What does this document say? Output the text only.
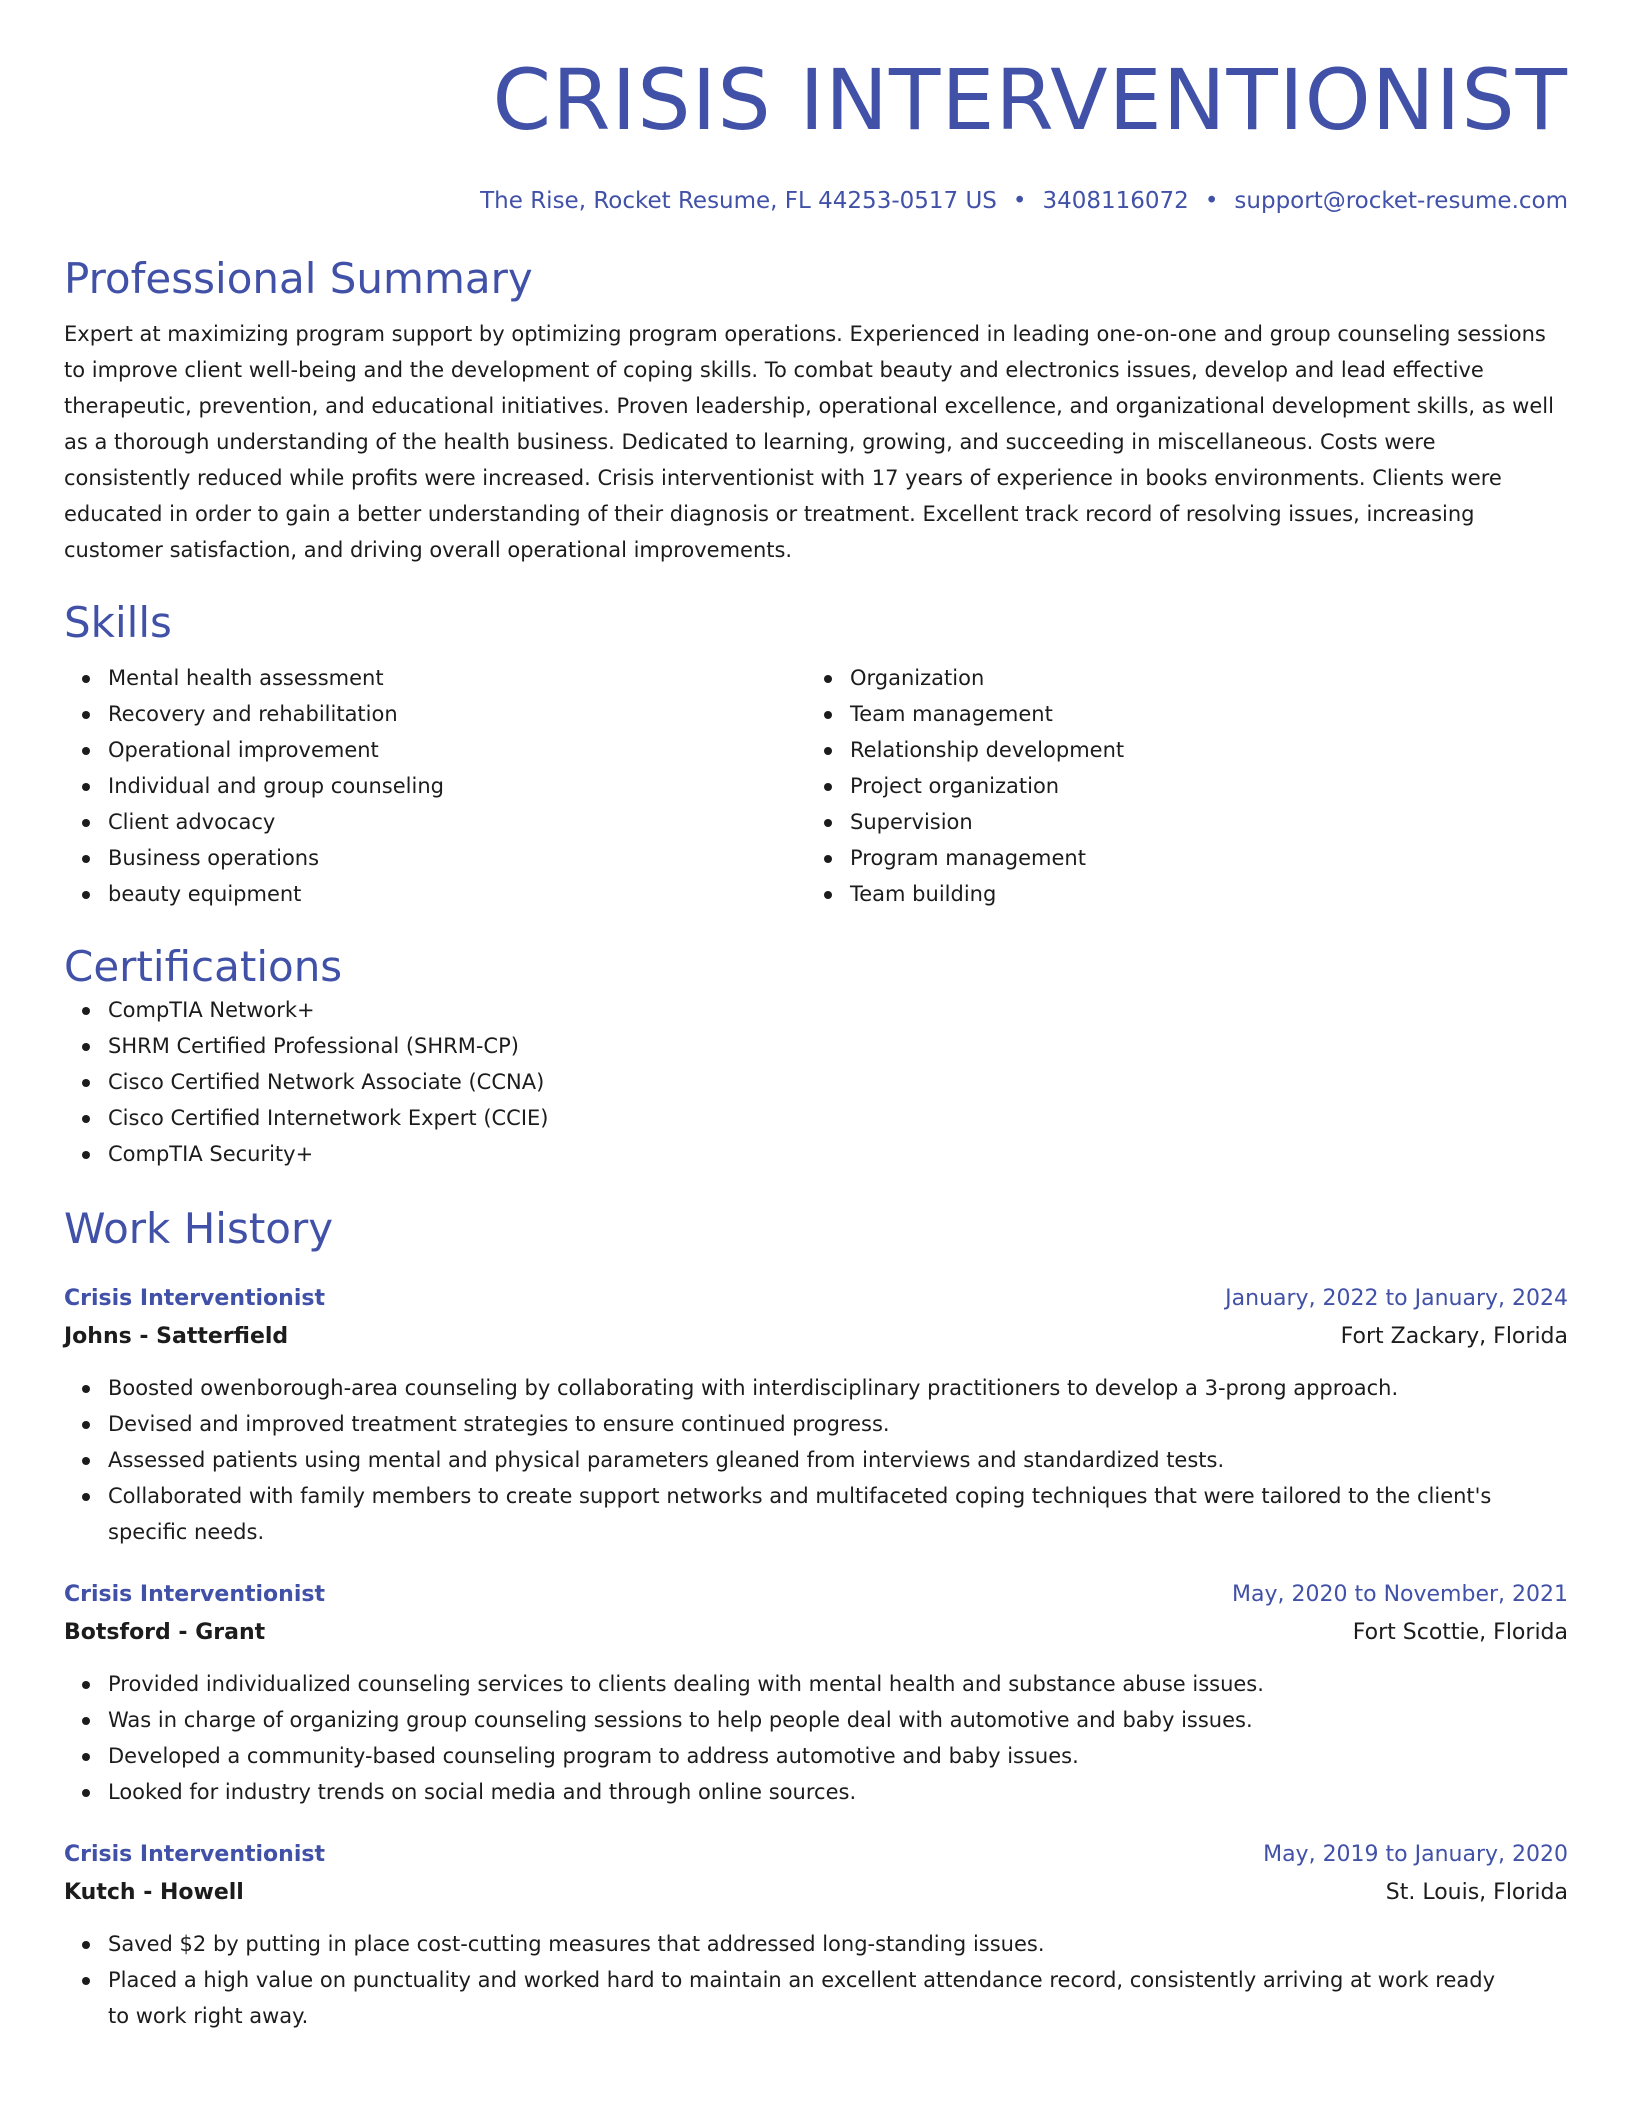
CRISIS INTERVENTIONIST
The Rise, Rocket Resume, FL 44253-0517 US • 3408116072 • support@rocket-resume.com
Professional Summary
Expert at maximizing program support by optimizing program operations. Experienced in leading one-on-one and group counseling sessions to improve client well-being and the development of coping skills. To combat beauty and electronics issues, develop and lead effective therapeutic, prevention, and educational initiatives. Proven leadership, operational excellence, and organizational development skills, as well as a thorough understanding of the health business. Dedicated to learning, growing, and succeeding in miscellaneous. Costs were consistently reduced while profits were increased. Crisis interventionist with 17 years of experience in books environments. Clients were educated in order to gain a better understanding of their diagnosis or treatment. Excellent track record of resolving issues, increasing customer satisfaction, and driving overall operational improvements.
Skills
Mental health assessment
Recovery and rehabilitation
Operational improvement
Individual and group counseling
Client advocacy
Business operations
beauty equipment
Organization
Team management
Relationship development
Project organization
Supervision
Program management
Team building
Certifications
CompTIA Network+
SHRM Certified Professional (SHRM-CP)
Cisco Certified Network Associate (CCNA)
Cisco Certified Internetwork Expert (CCIE)
CompTIA Security+
Work History
Crisis Interventionist	January, 2022 to January, 2024
Johns - Satterfield	Fort Zackary, Florida
Boosted owenborough-area counseling by collaborating with interdisciplinary practitioners to develop a 3-prong approach.
Devised and improved treatment strategies to ensure continued progress.
Assessed patients using mental and physical parameters gleaned from interviews and standardized tests.
Collaborated with family members to create support networks and multifaceted coping techniques that were tailored to the client's specific needs.
Crisis Interventionist	May, 2020 to November, 2021
Botsford - Grant	Fort Scottie, Florida
Provided individualized counseling services to clients dealing with mental health and substance abuse issues.
Was in charge of organizing group counseling sessions to help people deal with automotive and baby issues.
Developed a community-based counseling program to address automotive and baby issues.
Looked for industry trends on social media and through online sources.
Crisis Interventionist	May, 2019 to January, 2020
Kutch - Howell	St. Louis, Florida
Saved $2 by putting in place cost-cutting measures that addressed long-standing issues.
Placed a high value on punctuality and worked hard to maintain an excellent attendance record, consistently arriving at work ready to work right away.
